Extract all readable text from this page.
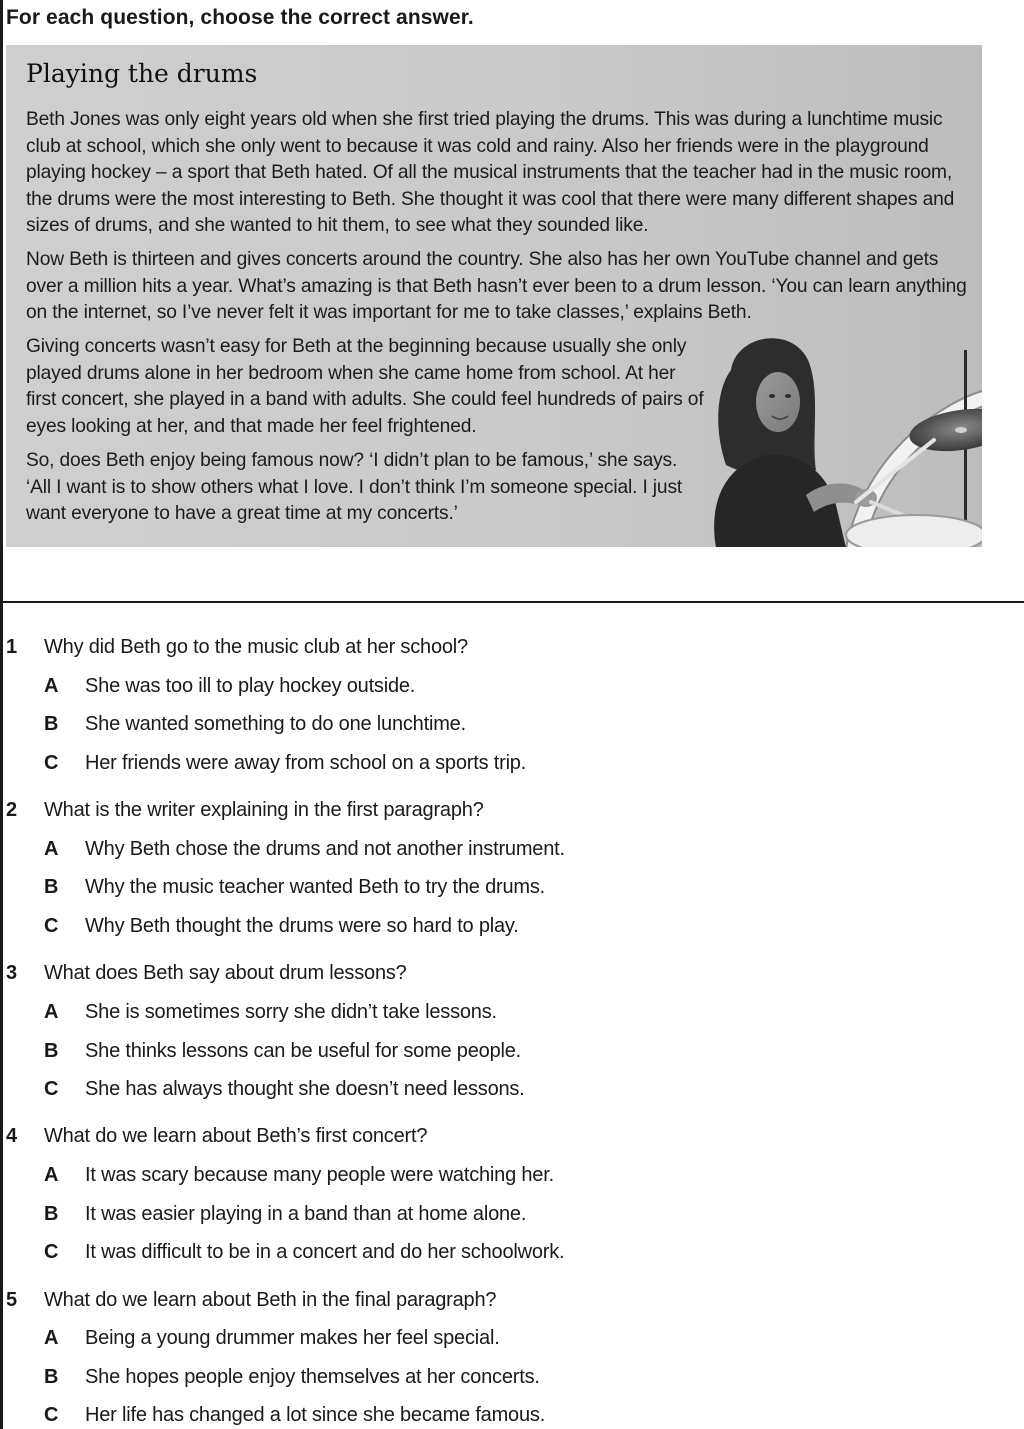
For each question, choose the correct answer.
Playing the drums

Beth Jones was only eight years old when she first tried playing the drums. This was during a lunchtime music club at school, which she only went to because it was cold and rainy. Also her friends were in the playground playing hockey – a sport that Beth hated. Of all the musical instruments that the teacher had in the music room, the drums were the most interesting to Beth. She thought it was cool that there were many different shapes and sizes of drums, and she wanted to hit them, to see what they sounded like.

Now Beth is thirteen and gives concerts around the country. She also has her own YouTube channel and gets over a million hits a year. What’s amazing is that Beth hasn’t ever been to a drum lesson. ‘You can learn anything on the internet, so I’ve never felt it was important for me to take classes,’ explains Beth.

Giving concerts wasn’t easy for Beth at the beginning because usually she only played drums alone in her bedroom when she came home from school. At her first concert, she played in a band with adults. She could feel hundreds of pairs of eyes looking at her, and that made her feel frightened.

So, does Beth enjoy being famous now? ‘I didn’t plan to be famous,’ she says. ‘All I want is to show others what I love. I don’t think I’m someone special. I just want everyone to have a great time at my concerts.’

1 Why did Beth go to the music club at her school?
A She was too ill to play hockey outside.
B She wanted something to do one lunchtime.
C Her friends were away from school on a sports trip.
2 What is the writer explaining in the first paragraph?
A Why Beth chose the drums and not another instrument.
B Why the music teacher wanted Beth to try the drums.
C Why Beth thought the drums were so hard to play.
3 What does Beth say about drum lessons?
A She is sometimes sorry she didn’t take lessons.
B She thinks lessons can be useful for some people.
C She has always thought she doesn’t need lessons.
4 What do we learn about Beth’s first concert?
A It was scary because many people were watching her.
B It was easier playing in a band than at home alone.
C It was difficult to be in a concert and do her schoolwork.
5 What do we learn about Beth in the final paragraph?
A Being a young drummer makes her feel special.
B She hopes people enjoy themselves at her concerts.
C Her life has changed a lot since she became famous.
